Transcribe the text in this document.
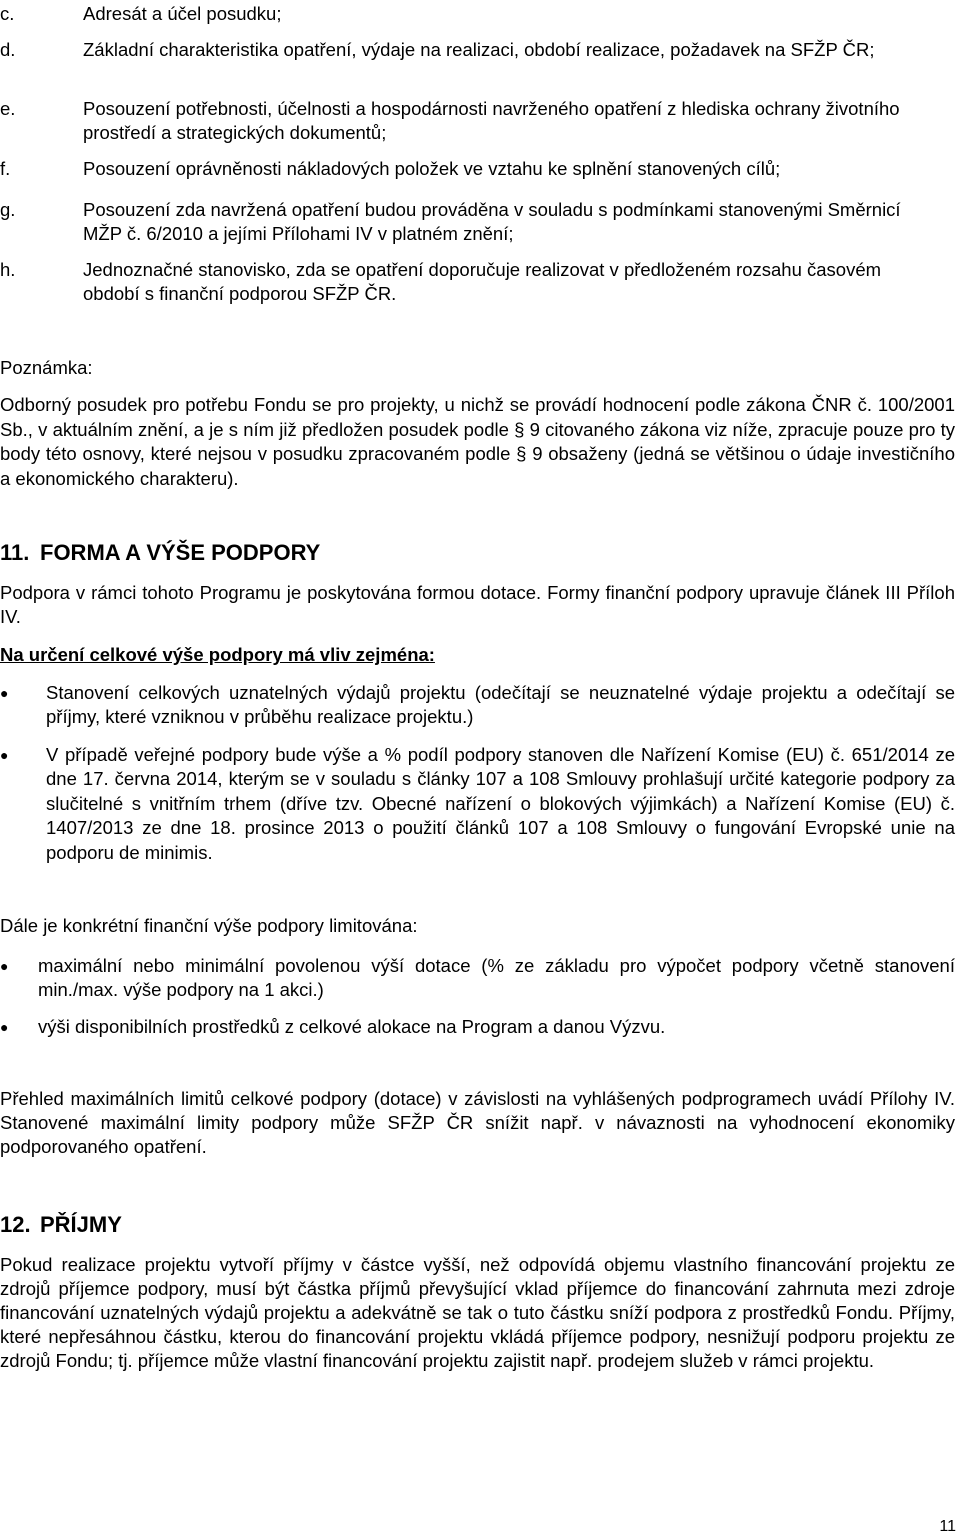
c.	Adresát a účel posudku;

d.	Základní charakteristika opatření, výdaje na realizaci, období realizace, požadavek na SFŽP ČR;

e.	Posouzení potřebnosti, účelnosti a hospodárnosti navrženého opatření z hlediska ochrany životního prostředí a strategických dokumentů;

f.	Posouzení oprávněnosti nákladových položek ve vztahu ke splnění stanovených cílů;

g.	Posouzení zda navržená opatření budou prováděna v souladu s podmínkami stanovenými Směrnicí MŽP č. 6/2010 a jejími Přílohami IV v platném znění;

h.	Jednoznačné stanovisko, zda se opatření doporučuje realizovat v předloženém rozsahu časovém období s finanční podporou SFŽP ČR.

Poznámka:

Odborný posudek pro potřebu Fondu se pro projekty, u nichž se provádí hodnocení podle zákona ČNR č. 100/2001 Sb., v aktuálním znění, a je s ním již předložen posudek podle § 9 citovaného zákona viz níže, zpracuje pouze pro ty body této osnovy, které nejsou v posudku zpracovaném podle § 9 obsaženy (jedná se většinou o údaje investičního a ekonomického charakteru).

11. FORMA A VÝŠE PODPORY

Podpora v rámci tohoto Programu je poskytována formou dotace. Formy finanční podpory upravuje článek III Příloh IV.

Na určení celkové výše podpory má vliv zejména:

● Stanovení celkových uznatelných výdajů projektu (odečítají se neuznatelné výdaje projektu a odečítají se příjmy, které vzniknou v průběhu realizace projektu.)

● V případě veřejné podpory bude výše a % podíl podpory stanoven dle Nařízení Komise (EU) č. 651/2014 ze dne 17. června 2014, kterým se v souladu s články 107 a 108 Smlouvy prohlašují určité kategorie podpory za slučitelné s vnitřním trhem (dříve tzv. Obecné nařízení o blokových výjimkách) a Nařízení Komise (EU) č. 1407/2013 ze dne 18. prosince 2013 o použití článků 107 a 108 Smlouvy o fungování Evropské unie na podporu de minimis.

Dále je konkrétní finanční výše podpory limitována:

● maximální nebo minimální povolenou výší dotace (% ze základu pro výpočet podpory včetně stanovení min./max. výše podpory na 1 akci.)

● výši disponibilních prostředků z celkové alokace na Program a danou Výzvu.

Přehled maximálních limitů celkové podpory (dotace) v závislosti na vyhlášených podprogramech uvádí Přílohy IV. Stanovené maximální limity podpory může SFŽP ČR snížit např. v návaznosti na vyhodnocení ekonomiky podporovaného opatření.

12. PŘÍJMY

Pokud realizace projektu vytvoří příjmy v částce vyšší, než odpovídá objemu vlastního financování projektu ze zdrojů příjemce podpory, musí být částka příjmů převyšující vklad příjemce do financování zahrnuta mezi zdroje financování uznatelných výdajů projektu a adekvátně se tak o tuto částku sníží podpora z prostředků Fondu. Příjmy, které nepřesáhnou částku, kterou do financování projektu vkládá příjemce podpory, nesnižují podporu projektu ze zdrojů Fondu; tj. příjemce může vlastní financování projektu zajistit např. prodejem služeb v rámci projektu.

11
